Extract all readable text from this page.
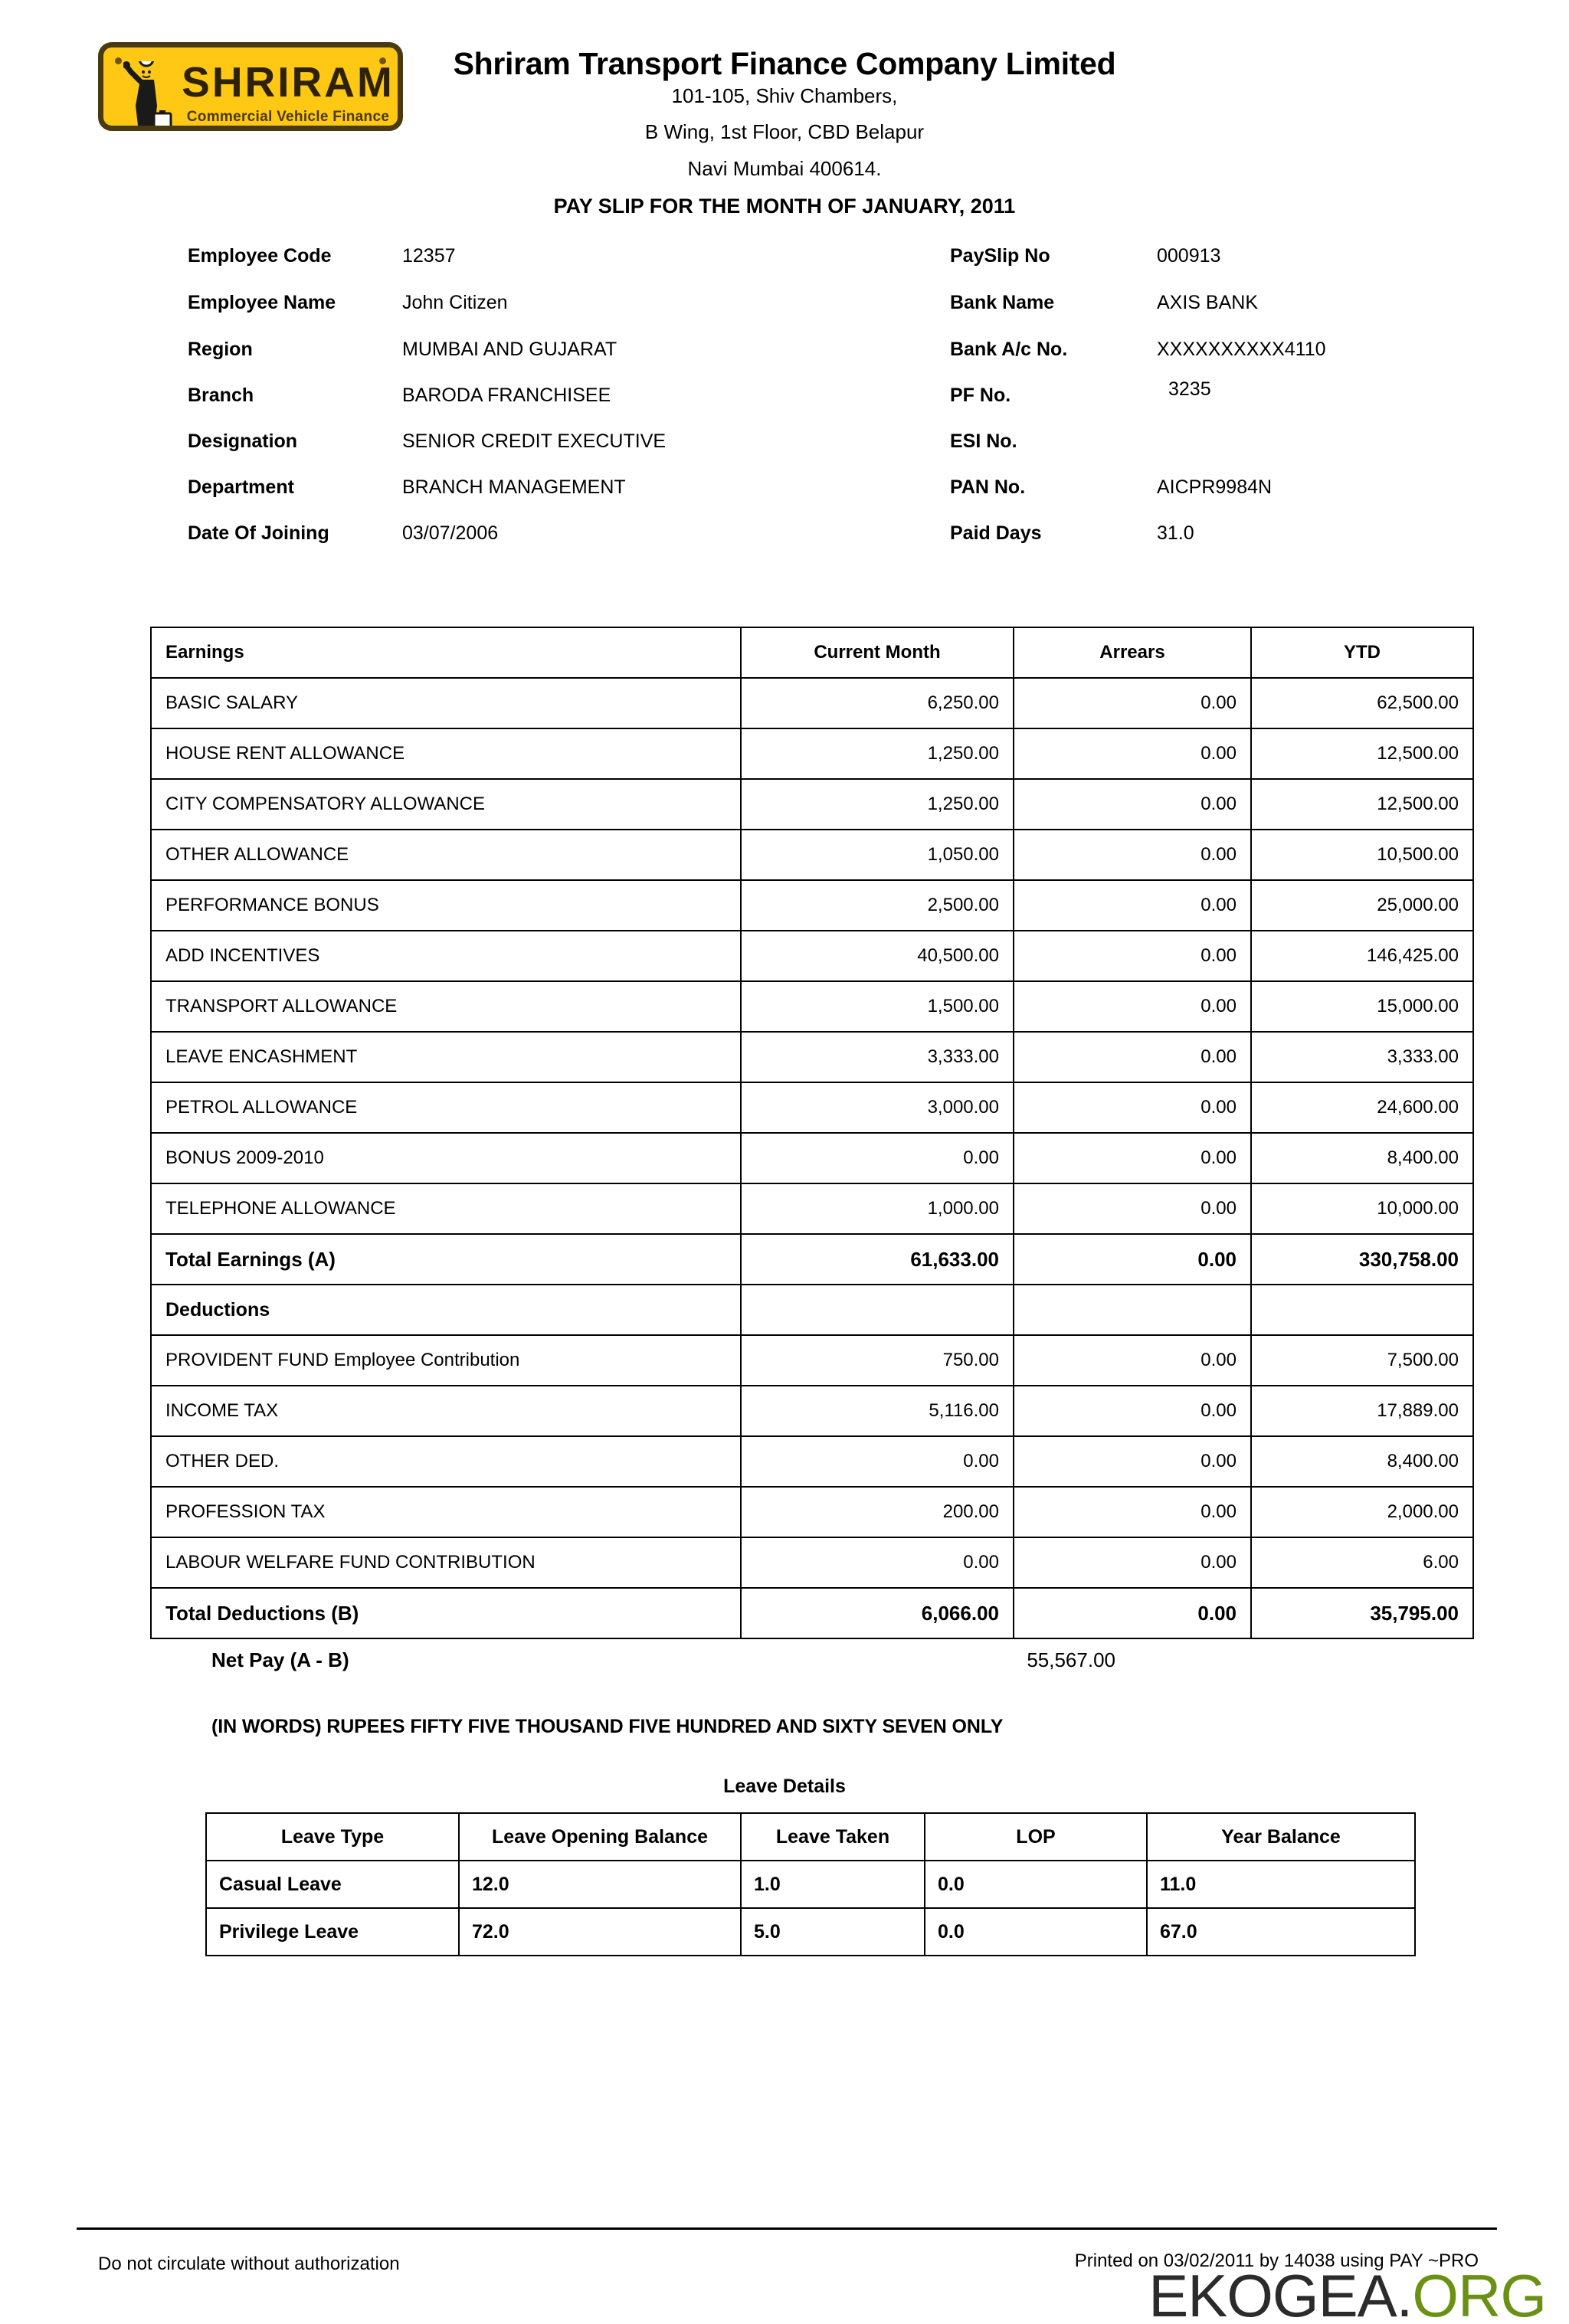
SHRIRAM
Commercial Vehicle Finance
Shriram Transport Finance Company Limited
101-105, Shiv Chambers,
B Wing, 1st Floor, CBD Belapur
Navi Mumbai 400614.
PAY SLIP FOR THE MONTH OF JANUARY, 2011
Employee Code	12357
Employee Name	John Citizen
Region	MUMBAI AND GUJARAT
Branch	BARODA FRANCHISEE
Designation	SENIOR CREDIT EXECUTIVE
Department	BRANCH MANAGEMENT
Date Of Joining	03/07/2006
PaySlip No	000913
Bank Name	AXIS BANK
Bank A/c No.	XXXXXXXXXX4110
PF No.	3235
ESI No.
PAN No.	AICPR9984N
Paid Days	31.0
Earnings	Current Month	Arrears	YTD
BASIC SALARY	6,250.00	0.00	62,500.00
HOUSE RENT ALLOWANCE	1,250.00	0.00	12,500.00
CITY COMPENSATORY ALLOWANCE	1,250.00	0.00	12,500.00
OTHER ALLOWANCE	1,050.00	0.00	10,500.00
PERFORMANCE BONUS	2,500.00	0.00	25,000.00
ADD INCENTIVES	40,500.00	0.00	146,425.00
TRANSPORT ALLOWANCE	1,500.00	0.00	15,000.00
LEAVE ENCASHMENT	3,333.00	0.00	3,333.00
PETROL ALLOWANCE	3,000.00	0.00	24,600.00
BONUS 2009-2010	0.00	0.00	8,400.00
TELEPHONE ALLOWANCE	1,000.00	0.00	10,000.00
Total Earnings (A)	61,633.00	0.00	330,758.00
Deductions			
PROVIDENT FUND Employee Contribution	750.00	0.00	7,500.00
INCOME TAX	5,116.00	0.00	17,889.00
OTHER DED.	0.00	0.00	8,400.00
PROFESSION TAX	200.00	0.00	2,000.00
LABOUR WELFARE FUND CONTRIBUTION	0.00	0.00	6.00
Total Deductions (B)	6,066.00	0.00	35,795.00
Net Pay (A - B)	55,567.00
(IN WORDS) RUPEES FIFTY FIVE THOUSAND FIVE HUNDRED AND SIXTY SEVEN ONLY
Leave Details
Leave Type	Leave Opening Balance	Leave Taken	LOP	Year Balance
Casual Leave	12.0	1.0	0.0	11.0
Privilege Leave	72.0	5.0	0.0	67.0
Do not circulate without authorization	Printed on 03/02/2011 by 14038 using PAY ~PRO
EKOGEA.ORG
